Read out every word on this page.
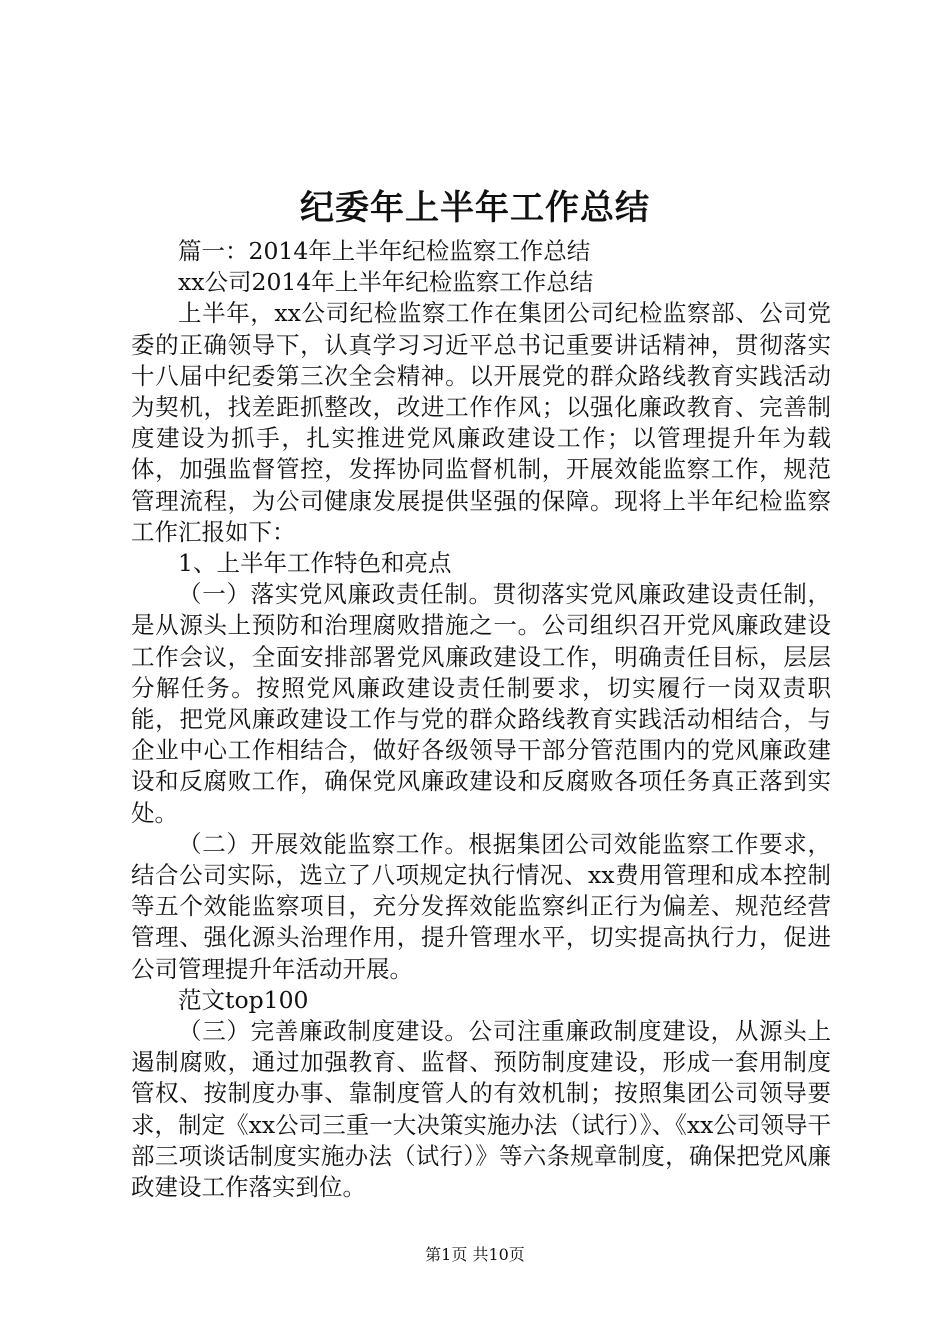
纪委年上半年工作总结

篇一：2014年上半年纪检监察工作总结

xx公司2014年上半年纪检监察工作总结

上半年，xx公司纪检监察工作在集团公司纪检监察部、公司党委的正确领导下，认真学习习近平总书记重要讲话精神，贯彻落实十八届中纪委第三次全会精神。以开展党的群众路线教育实践活动为契机，找差距抓整改，改进工作作风；以强化廉政教育、完善制度建设为抓手，扎实推进党风廉政建设工作；以管理提升年为载体，加强监督管控，发挥协同监督机制，开展效能监察工作，规范管理流程，为公司健康发展提供坚强的保障。现将上半年纪检监察工作汇报如下：

1、上半年工作特色和亮点

（一）落实党风廉政责任制。贯彻落实党风廉政建设责任制，是从源头上预防和治理腐败措施之一。公司组织召开党风廉政建设工作会议，全面安排部署党风廉政建设工作，明确责任目标，层层分解任务。按照党风廉政建设责任制要求，切实履行一岗双责职能，把党风廉政建设工作与党的群众路线教育实践活动相结合，与企业中心工作相结合，做好各级领导干部分管范围内的党风廉政建设和反腐败工作，确保党风廉政建设和反腐败各项任务真正落到实处。

（二）开展效能监察工作。根据集团公司效能监察工作要求，结合公司实际，选立了八项规定执行情况、xx费用管理和成本控制等五个效能监察项目，充分发挥效能监察纠正行为偏差、规范经营管理、强化源头治理作用，提升管理水平，切实提高执行力，促进公司管理提升年活动开展。

范文top100

（三）完善廉政制度建设。公司注重廉政制度建设，从源头上遏制腐败，通过加强教育、监督、预防制度建设，形成一套用制度管权、按制度办事、靠制度管人的有效机制；按照集团公司领导要求，制定《xx公司三重一大决策实施办法（试行）》、《xx公司领导干部三项谈话制度实施办法（试行）》等六条规章制度，确保把党风廉政建设工作落实到位。

第1页 共10页
